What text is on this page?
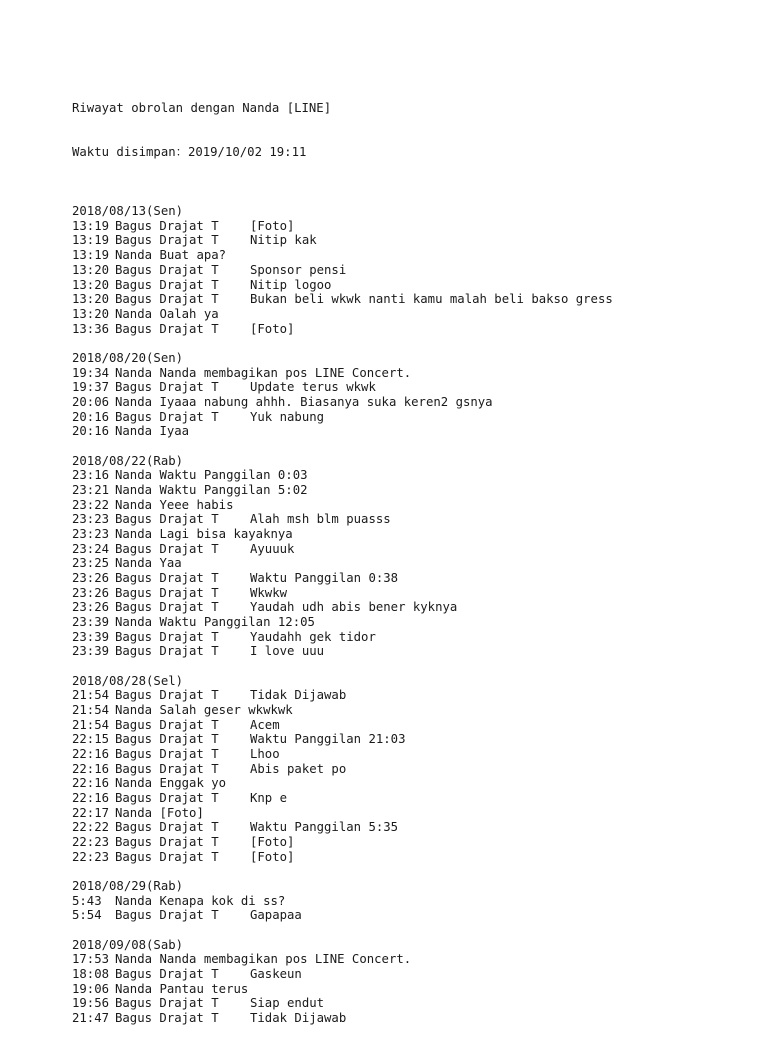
Riwayat obrolan dengan Nanda [LINE]

Waktu disimpan：2019/10/02 19:11

2018/08/13(Sen)
13:19 Bagus Drajat T	[Foto]
13:19 Bagus Drajat T	Nitip kak
13:19 Nanda Buat apa?
13:20 Bagus Drajat T	Sponsor pensi
13:20 Bagus Drajat T	Nitip logoo
13:20 Bagus Drajat T	Bukan beli wkwk nanti kamu malah beli bakso gress
13:20 Nanda Oalah ya
13:36 Bagus Drajat T	[Foto]
2018/08/20(Sen)
19:34 Nanda Nanda membagikan pos LINE Concert.
19:37 Bagus Drajat T	Update terus wkwk
20:06 Nanda Iyaaa nabung ahhh. Biasanya suka keren2 gsnya
20:16 Bagus Drajat T	Yuk nabung
20:16 Nanda Iyaa
2018/08/22(Rab)
23:16 Nanda Waktu Panggilan 0:03
23:21 Nanda Waktu Panggilan 5:02
23:22 Nanda Yeee habis
23:23 Bagus Drajat T	Alah msh blm puasss
23:23 Nanda Lagi bisa kayaknya
23:24 Bagus Drajat T	Ayuuuk
23:25 Nanda Yaa
23:26 Bagus Drajat T	Waktu Panggilan 0:38
23:26 Bagus Drajat T	Wkwkw
23:26 Bagus Drajat T	Yaudah udh abis bener kyknya
23:39 Nanda Waktu Panggilan 12:05
23:39 Bagus Drajat T	Yaudahh gek tidor
23:39 Bagus Drajat T	I love uuu
2018/08/28(Sel)
21:54 Bagus Drajat T	Tidak Dijawab
21:54 Nanda Salah geser wkwkwk
21:54 Bagus Drajat T	Acem
22:15 Bagus Drajat T	Waktu Panggilan 21:03
22:16 Bagus Drajat T	Lhoo
22:16 Bagus Drajat T	Abis paket po
22:16 Nanda Enggak yo
22:16 Bagus Drajat T	Knp e
22:17 Nanda [Foto]
22:22 Bagus Drajat T	Waktu Panggilan 5:35
22:23 Bagus Drajat T	[Foto]
22:23 Bagus Drajat T	[Foto]
2018/08/29(Rab)
5:43 Nanda Kenapa kok di ss?
5:54 Bagus Drajat T	Gapapaa
2018/09/08(Sab)
17:53 Nanda Nanda membagikan pos LINE Concert.
18:08 Bagus Drajat T	Gaskeun
19:06 Nanda Pantau terus
19:56 Bagus Drajat T	Siap endut
21:47 Bagus Drajat T	Tidak Dijawab
